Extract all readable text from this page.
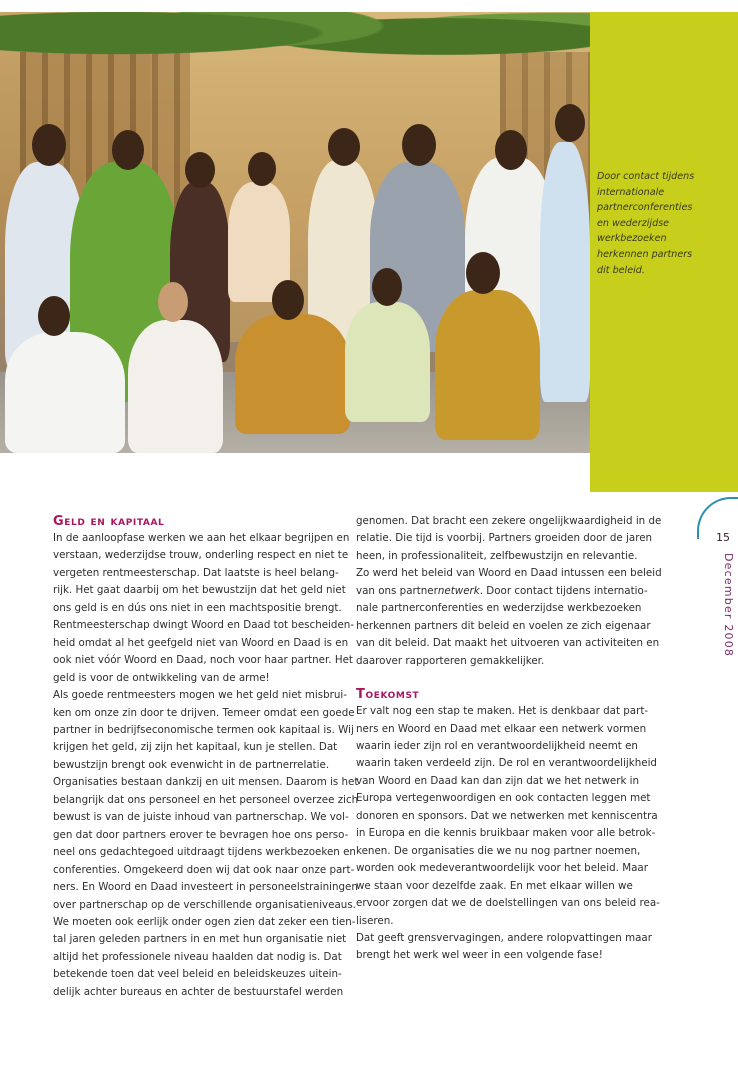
Door contact tijdens
internationale
partnerconferenties
en wederzijdse
werkbezoeken
herkennen partners
dit beleid.
Geld en kapitaal
In de aanloopfase werken we aan het elkaar begrijpen en
verstaan, wederzijdse trouw, onderling respect en niet te
vergeten rentmeesterschap. Dat laatste is heel belang-
rijk. Het gaat daarbij om het bewustzijn dat het geld niet
ons geld is en dús ons niet in een machtspositie brengt.
Rentmeesterschap dwingt Woord en Daad tot bescheiden-
heid omdat al het geefgeld niet van Woord en Daad is en
ook niet vóór Woord en Daad, noch voor haar partner. Het
geld is voor de ontwikkeling van de arme!
Als goede rentmeesters mogen we het geld niet misbrui-
ken om onze zin door te drijven. Temeer omdat een goede
partner in bedrijfseconomische termen ook kapitaal is. Wij
krijgen het geld, zij zijn het kapitaal, kun je stellen. Dat
bewustzijn brengt ook evenwicht in de partnerrelatie.
Organisaties bestaan dankzij en uit mensen. Daarom is het
belangrijk dat ons personeel en het personeel overzee zich
bewust is van de juiste inhoud van partnerschap. We vol-
gen dat door partners erover te bevragen hoe ons perso-
neel ons gedachtegoed uitdraagt tijdens werkbezoeken en
conferenties. Omgekeerd doen wij dat ook naar onze part-
ners. En Woord en Daad investeert in personeelstrainingen
over partnerschap op de verschillende organisatieniveaus.
We moeten ook eerlijk onder ogen zien dat zeker een tien-
tal jaren geleden partners in en met hun organisatie niet
altijd het professionele niveau haalden dat nodig is. Dat
betekende toen dat veel beleid en beleidskeuzes uitein-
delijk achter bureaus en achter de bestuurstafel werden
genomen. Dat bracht een zekere ongelijkwaardigheid in de
relatie. Die tijd is voorbij. Partners groeiden door de jaren
heen, in professionaliteit, zelfbewustzijn en relevantie.
Zo werd het beleid van Woord en Daad intussen een beleid
van ons partnernetwerk. Door contact tijdens internatio-
nale partnerconferenties en wederzijdse werkbezoeken
herkennen partners dit beleid en voelen ze zich eigenaar
van dit beleid. Dat maakt het uitvoeren van activiteiten en
daarover rapporteren gemakkelijker.
Toekomst
Er valt nog een stap te maken. Het is denkbaar dat part-
ners en Woord en Daad met elkaar een netwerk vormen
waarin ieder zijn rol en verantwoordelijkheid neemt en
waarin taken verdeeld zijn. De rol en verantwoordelijkheid
van Woord en Daad kan dan zijn dat we het netwerk in
Europa vertegenwoordigen en ook contacten leggen met
donoren en sponsors. Dat we netwerken met kenniscentra
in Europa en die kennis bruikbaar maken voor alle betrok-
kenen. De organisaties die we nu nog partner noemen,
worden ook medeverantwoordelijk voor het beleid. Maar
we staan voor dezelfde zaak. En met elkaar willen we
ervoor zorgen dat we de doelstellingen van ons beleid rea-
liseren.
Dat geeft grensvervagingen, andere rolopvattingen maar
brengt het werk wel weer in een volgende fase!
15
December 2008
